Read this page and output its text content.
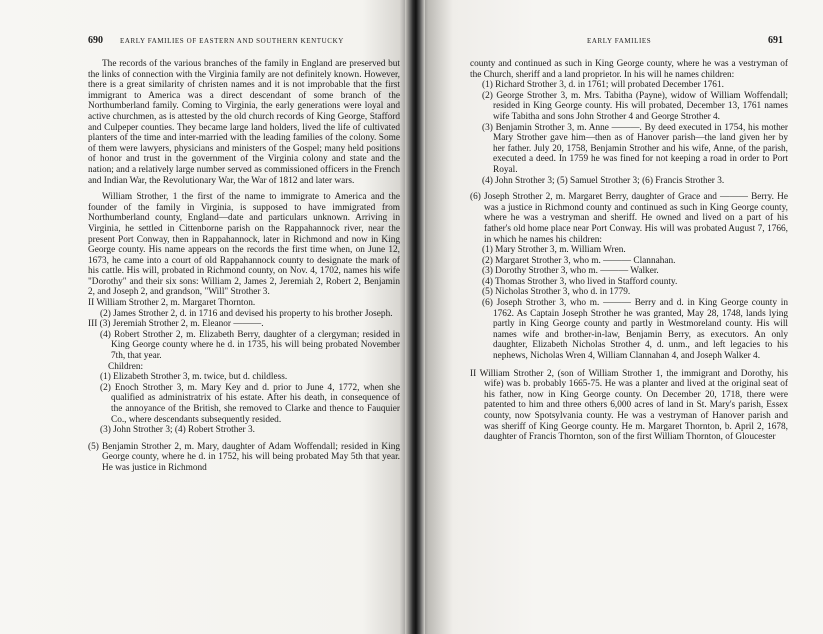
690 EARLY FAMILIES OF EASTERN AND SOUTHERN KENTUCKY

The records of the various branches of the family in England are preserved but the links of connection with the Virginia family are not definitely known. However, there is a great similarity of christen names and it is not improbable that the first immigrant to America was a direct descendant of some branch of the Northumberland family. Coming to Virginia, the early generations were loyal and active churchmen, as is attested by the old church records of King George, Stafford and Culpeper counties. They became large land holders, lived the life of cultivated planters of the time and inter-married with the leading families of the colony. Some of them were lawyers, physicians and ministers of the Gospel; many held positions of honor and trust in the government of the Virginia colony and state and the nation; and a relatively large number served as commissioned officers in the French and Indian War, the Revolutionary War, the War of 1812 and later wars.

William Strother, 1 the first of the name to immigrate to America and the founder of the family in Virginia, is supposed to have immigrated from Northumberland county, England—date and particulars unknown. Arriving in Virginia, he settled in Cittenborne parish on the Rappahannock river, near the present Port Conway, then in Rappahannock, later in Richmond and now in King George county. His name appears on the records the first time when, on June 12, 1673, he came into a court of old Rappahannock county to designate the mark of his cattle. His will, probated in Richmond county, on Nov. 4, 1702, names his wife "Dorothy" and their six sons: William 2, James 2, Jeremiah 2, Robert 2, Benjamin 2, and Joseph 2, and grandson, "Will" Strother 3.

II William Strother 2, m. Margaret Thornton.
(2) James Strother 2, d. in 1716 and devised his property to his brother Joseph.
III (3) Jeremiah Strother 2, m. Eleanor ———.
(4) Robert Strother 2, m. Elizabeth Berry, daughter of a clergyman; resided in King George county where he d. in 1735, his will being probated November 7th, that year.
Children:
(1) Elizabeth Strother 3, m. twice, but d. childless.
(2) Enoch Strother 3, m. Mary Key and d. prior to June 4, 1772, when she qualified as administratrix of his estate. After his death, in consequence of the annoyance of the British, she removed to Clarke and thence to Fauquier Co., where descendants subsequently resided.
(3) John Strother 3; (4) Robert Strother 3.
(5) Benjamin Strother 2, m. Mary, daughter of Adam Woffendall; resided in King George county, where he d. in 1752, his will being probated May 5th that year. He was justice in Richmond
EARLY FAMILIES	691

county and continued as such in King George county, where he was a vestryman of the Church, sheriff and a land proprietor. In his will he names children:

(1) Richard Strother 3, d. in 1761; will probated December 1761.
(2) George Strother 3, m. Mrs. Tabitha (Payne), widow of William Woffendall; resided in King George county. His will probated, December 13, 1761 names wife Tabitha and sons John Strother 4 and George Strother 4.
(3) Benjamin Strother 3, m. Anne ———. By deed executed in 1754, his mother Mary Strother gave him—then as of Hanover parish—the land given her by her father. July 20, 1758, Benjamin Strother and his wife, Anne, of the parish, executed a deed. In 1759 he was fined for not keeping a road in order to Port Royal.
(4) John Strother 3; (5) Samuel Strother 3; (6) Francis Strother 3.
(6) Joseph Strother 2, m. Margaret Berry, daughter of Grace and ——— Berry. He was a justice in Richmond county and continued as such in King George county, where he was a vestryman and sheriff. He owned and lived on a part of his father's old home place near Port Conway. His will was probated August 7, 1766, in which he names his children:
(1) Mary Strother 3, m. William Wren.
(2) Margaret Strother 3, who m. ——— Clannahan.
(3) Dorothy Strother 3, who m. ——— Walker.
(4) Thomas Strother 3, who lived in Stafford county.
(5) Nicholas Strother 3, who d. in 1779.
(6) Joseph Strother 3, who m. ——— Berry and d. in King George county in 1762. As Captain Joseph Strother he was granted, May 28, 1748, lands lying partly in King George county and partly in Westmoreland county. His will names wife and brother-in-law, Benjamin Berry, as executors. An only daughter, Elizabeth Nicholas Strother 4, d. unm., and left legacies to his nephews, Nicholas Wren 4, William Clannahan 4, and Joseph Walker 4.
II William Strother 2, (son of William Strother 1, the immigrant and Dorothy, his wife) was b. probably 1665-75. He was a planter and lived at the original seat of his father, now in King George county. On December 20, 1718, there were patented to him and three others 6,000 acres of land in St. Mary's parish, Essex county, now Spotsylvania county. He was a vestryman of Hanover parish and was sheriff of King George county. He m. Margaret Thornton, b. April 2, 1678, daughter of Francis Thornton, son of the first William Thornton, of Gloucester
